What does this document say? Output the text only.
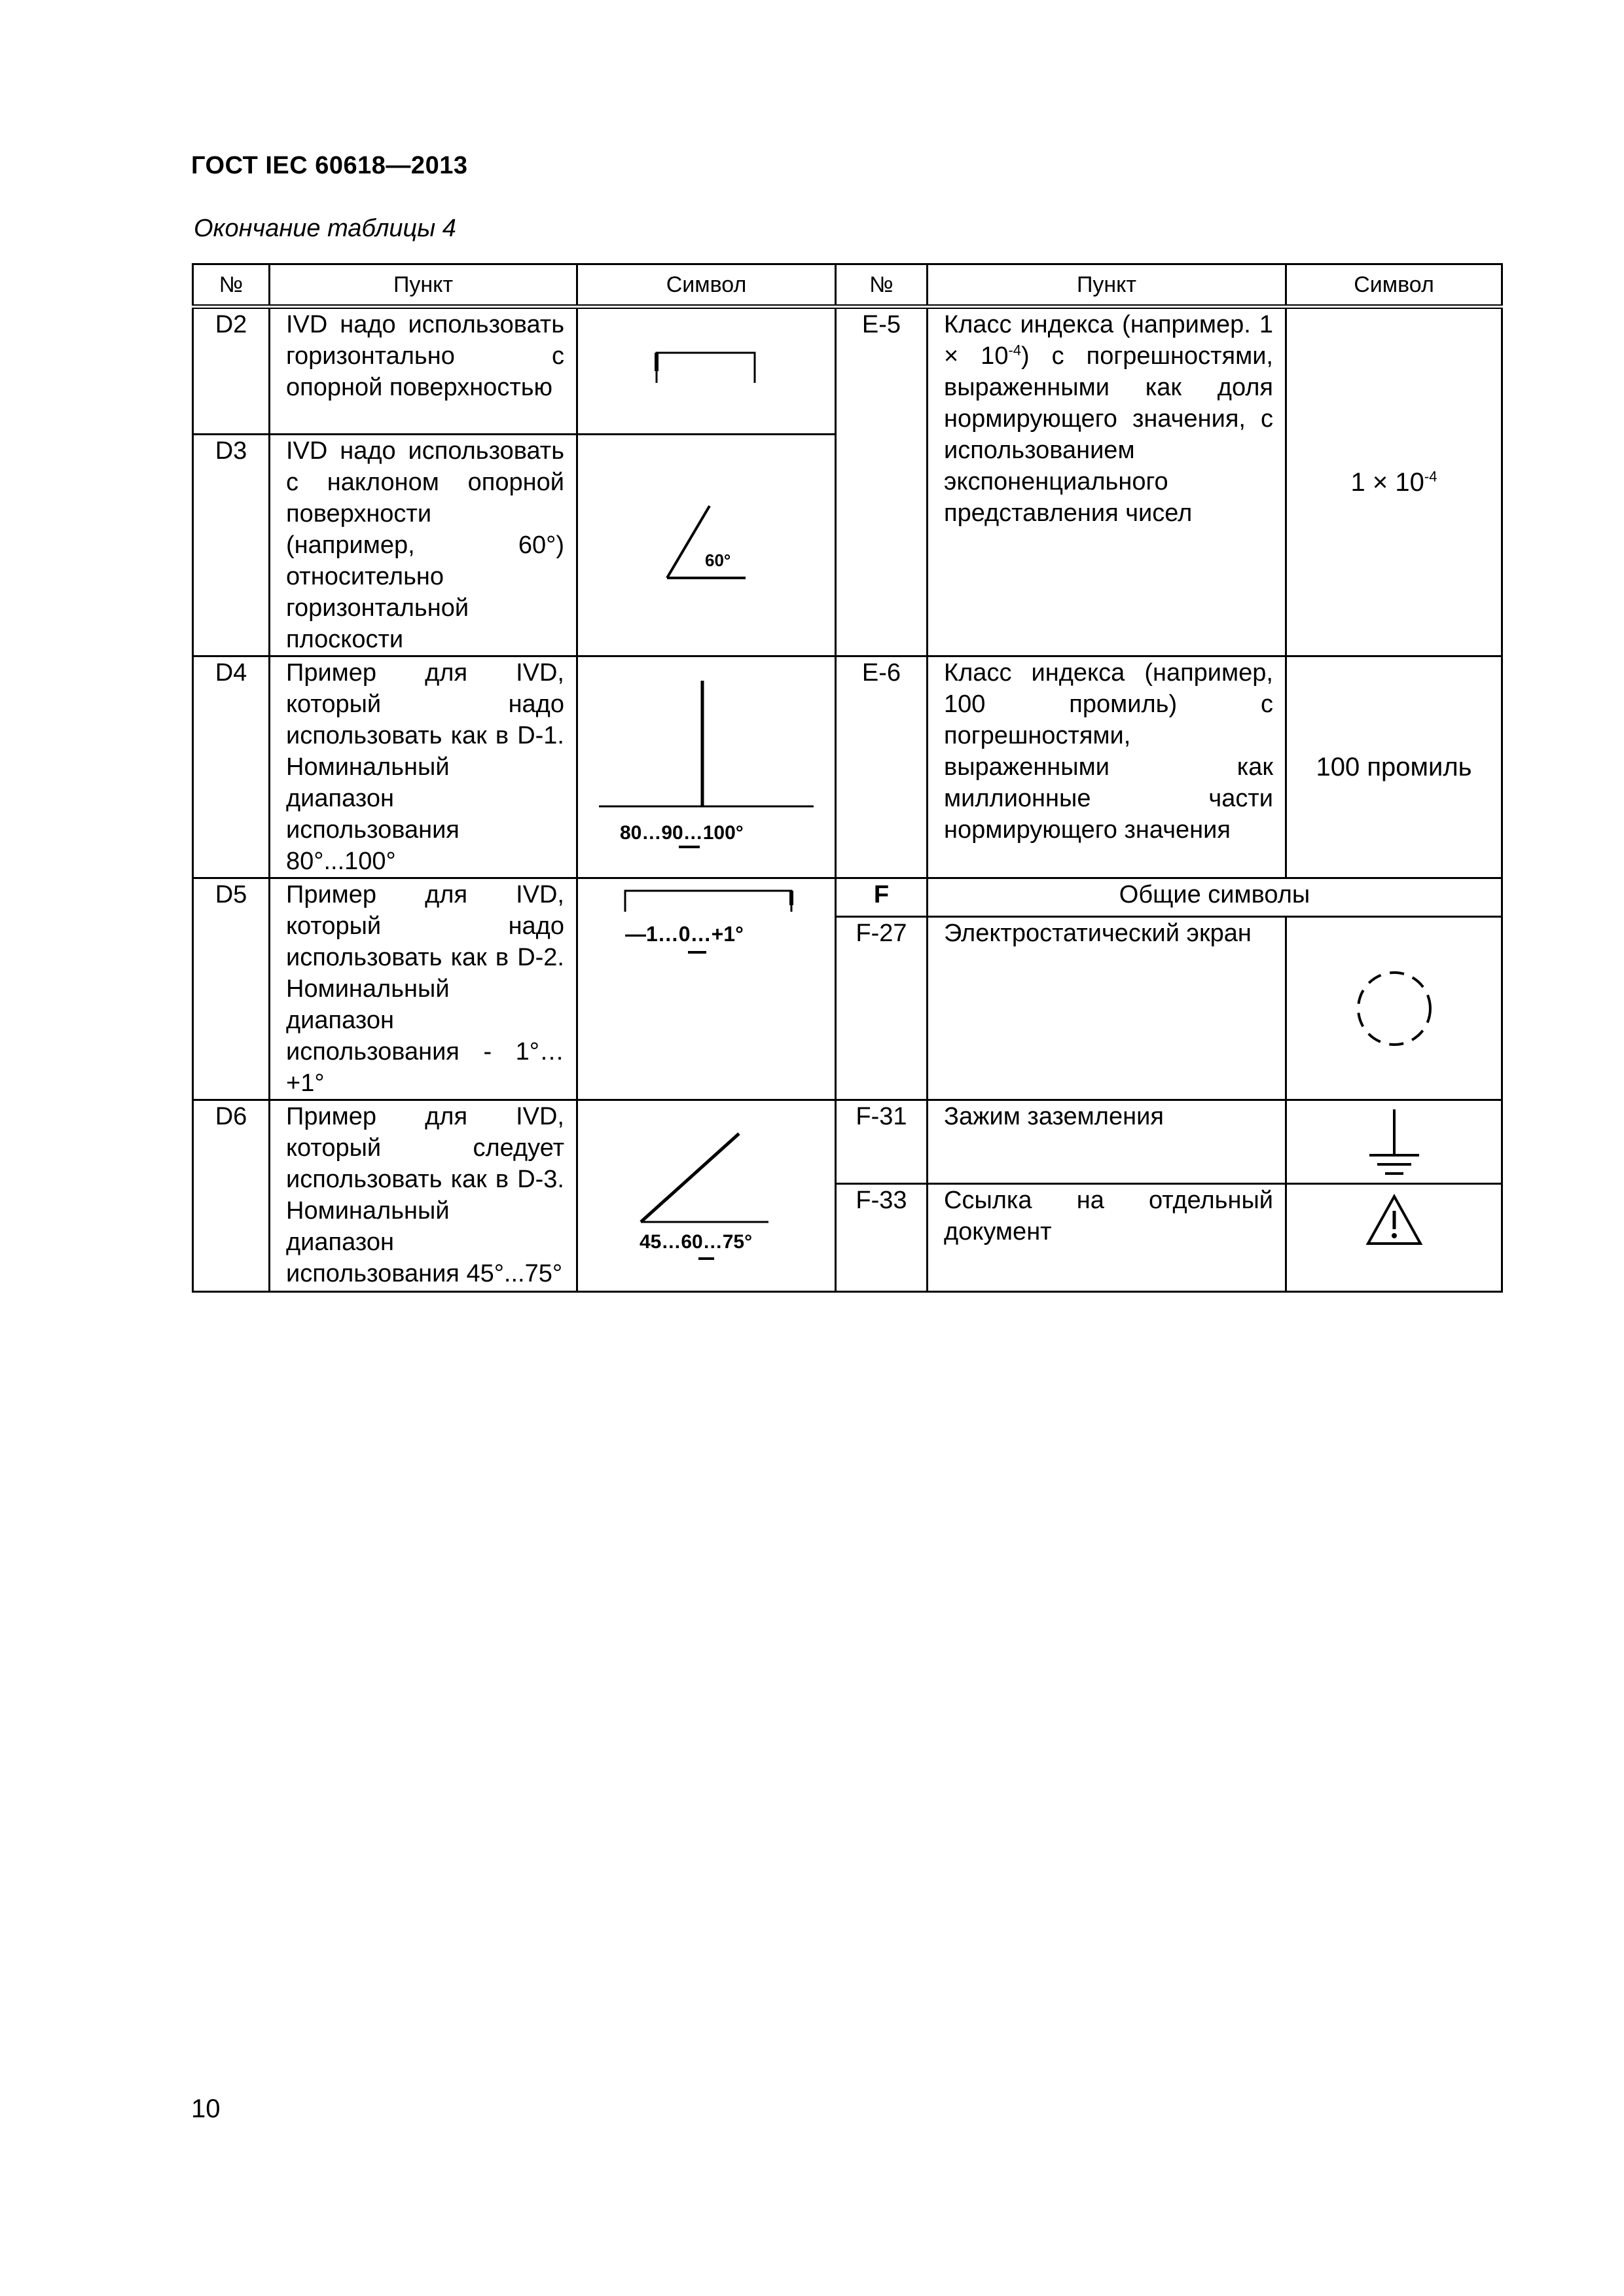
ГОСТ IEC 60618—2013
Окончание таблицы 4
№	Пункт	Символ	№	Пункт	Символ
D2	IVD надо использовать горизонтально с опорной поверхностью		E-5	Класс индекса (например. $1 \times 10^{-4}$) с погрешностями, выраженными как доля нормирующего значения, с использованием экспоненциального представления чисел	$1 \times 10^{-4}$
D3	IVD надо использовать с наклоном опорной поверхности (например, 60°) относительно горизонтальной плоскости	60°			

D4	Пример для IVD, который надо использовать как в D-1. Номинальный диапазон использования 80°...100°	80…90…100°	E-6	Класс индекса (например, 100 промиль) с погрешностями, выраженными как миллионные части нормирующего значения	100 промиль
D5	Пример для IVD, который надо использовать как в D-2. Номинальный диапазон использования - 1°… +1°	—1…0…+1°	F	Общие символы	
			F-27	Электростатический экран	

D6	Пример для IVD, который следует использовать как в D-3. Номинальный диапазон использования 45°...75°	45…60…75°	F-31	Зажим заземления	

			F-33	Ссылка на отдельный документ	
10
